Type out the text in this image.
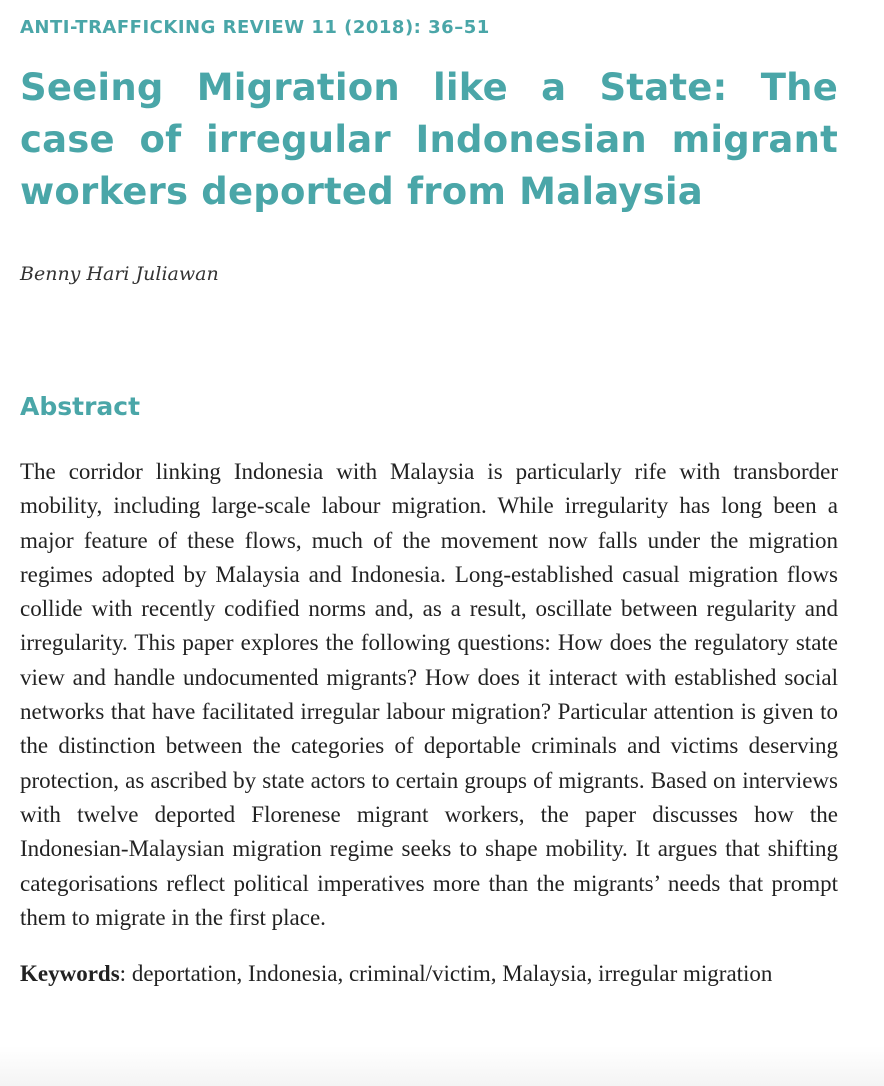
ANTI-TRAFFICKING REVIEW 11 (2018): 36–51
Seeing Migration like a State: The case of irregular Indonesian migrant workers deported from Malaysia
Benny Hari Juliawan
Abstract

The corridor linking Indonesia with Malaysia is particularly rife with transborder mobility, including large-scale labour migration. While irregularity has long been a major feature of these flows, much of the movement now falls under the migration regimes adopted by Malaysia and Indonesia. Long-established casual migration flows collide with recently codified norms and, as a result, oscillate between regularity and irregularity. This paper explores the following questions: How does the regulatory state view and handle undocumented migrants? How does it interact with established social networks that have facilitated irregular labour migration? Particular attention is given to the distinction between the categories of deportable criminals and victims deserving protection, as ascribed by state actors to certain groups of migrants. Based on interviews with twelve deported Florenese migrant workers, the paper discusses how the Indonesian-Malaysian migration regime seeks to shape mobility. It argues that shifting categorisations reflect political imperatives more than the migrants’ needs that prompt them to migrate in the first place.

Keywords: deportation, Indonesia, criminal/victim, Malaysia, irregular migration
